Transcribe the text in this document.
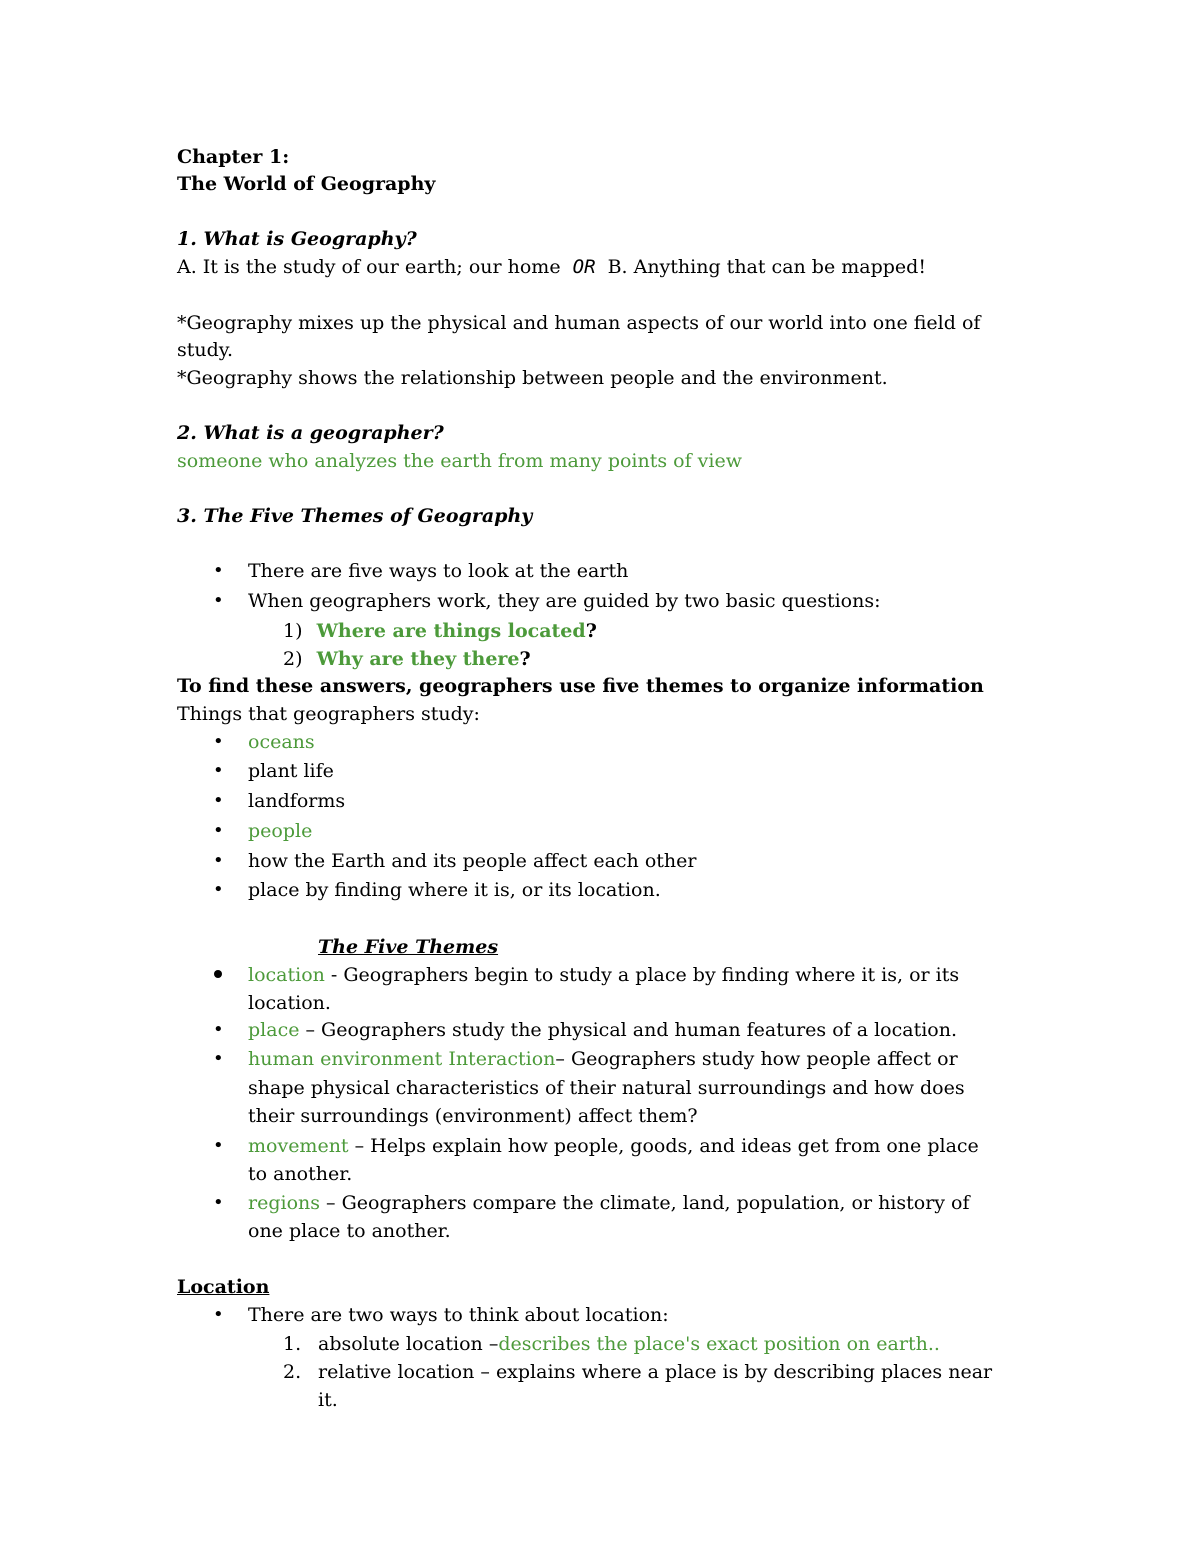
Chapter 1:
The World of Geography
1. What is Geography?
A. It is the study of our earth; our home OR B. Anything that can be mapped!
*Geography mixes up the physical and human aspects of our world into one field of
study.
*Geography shows the relationship between people and the environment.
2. What is a geographer?
someone who analyzes the earth from many points of view
3. The Five Themes of Geography
• There are five ways to look at the earth
• When geographers work, they are guided by two basic questions:
1) Where are things located?
2) Why are they there?
To find these answers, geographers use five themes to organize information
Things that geographers study:
• oceans
• plant life
• landforms
• people
• how the Earth and its people affect each other
• place by finding where it is, or its location.
The Five Themes
location - Geographers begin to study a place by finding where it is, or its
location.
• place – Geographers study the physical and human features of a location.
• human environment Interaction– Geographers study how people affect or
shape physical characteristics of their natural surroundings and how does
their surroundings (environment) affect them?
• movement – Helps explain how people, goods, and ideas get from one place
to another.
• regions – Geographers compare the climate, land, population, or history of
one place to another.
Location
• There are two ways to think about location:
1. absolute location –describes the place's exact position on earth..
2. relative location – explains where a place is by describing places near
it.
